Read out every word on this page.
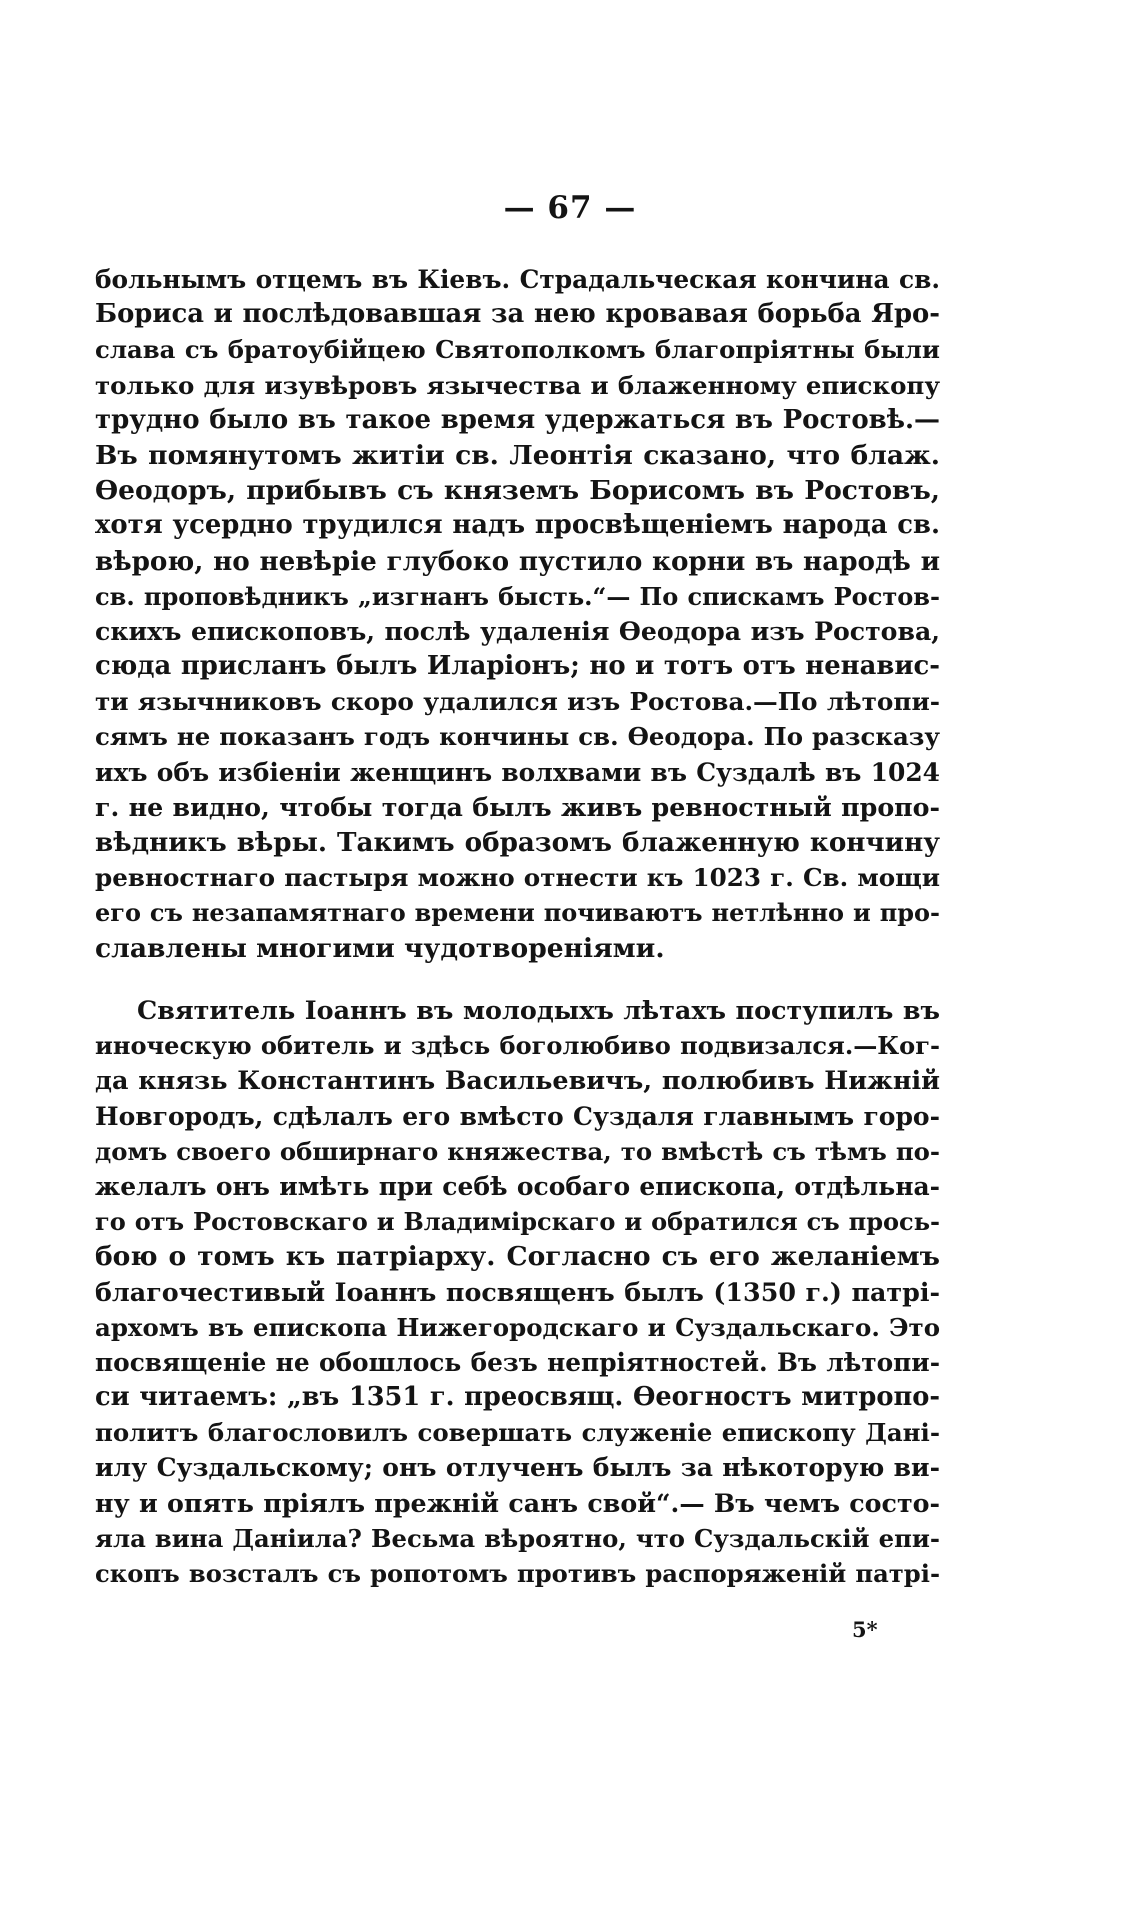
— 67 —
больнымъ отцемъ въ Кіевъ. Страдальческая кончина св.
Бориса и послѣдовавшая за нею кровавая борьба Яро-
слава съ братоубійцею Святополкомъ благопріятны были
только для изувѣровъ язычества и блаженному епископу
трудно было въ такое время удержаться въ Ростовѣ.—
Въ помянутомъ житіи св. Леонтія сказано, что блаж.
Ѳеодоръ, прибывъ съ княземъ Борисомъ въ Ростовъ,
хотя усердно трудился надъ просвѣщеніемъ народа св.
вѣрою, но невѣріе глубоко пустило корни въ народѣ и
св. проповѣдникъ „изгнанъ бысть.“— По спискамъ Ростов-
скихъ епископовъ, послѣ удаленія Ѳеодора изъ Ростова,
сюда присланъ былъ Иларіонъ; но и тотъ отъ ненавис-
ти язычниковъ скоро удалился изъ Ростова.—По лѣтопи-
сямъ не показанъ годъ кончины св. Ѳеодора. По разсказу
ихъ объ избіеніи женщинъ волхвами въ Суздалѣ въ 1024
г. не видно, чтобы тогда былъ живъ ревностный пропо-
вѣдникъ вѣры. Такимъ образомъ блаженную кончину
ревностнаго пастыря можно отнести къ 1023 г. Св. мощи
его съ незапамятнаго времени почиваютъ нетлѣнно и про-
славлены многими чудотвореніями.
Святитель Іоаннъ въ молодыхъ лѣтахъ поступилъ въ
иноческую обитель и здѣсь боголюбиво подвизался.—Ког-
да князь Константинъ Васильевичъ, полюбивъ Нижній
Новгородъ, сдѣлалъ его вмѣсто Суздаля главнымъ горо-
домъ своего обширнаго княжества, то вмѣстѣ съ тѣмъ по-
желалъ онъ имѣть при себѣ особаго епископа, отдѣльна-
го отъ Ростовскаго и Владимірскаго и обратился съ прось-
бою о томъ къ патріарху. Согласно съ его желаніемъ
благочестивый Іоаннъ посвященъ былъ (1350 г.) патрі-
архомъ въ епископа Нижегородскаго и Суздальскаго. Это
посвященіе не обошлось безъ непріятностей. Въ лѣтопи-
си читаемъ: „въ 1351 г. преосвящ. Ѳеогностъ митропо-
политъ благословилъ совершать служеніе епископу Дані-
илу Суздальскому; онъ отлученъ былъ за нѣкоторую ви-
ну и опять пріялъ прежній санъ свой“.— Въ чемъ состо-
яла вина Даніила? Весьма вѣроятно, что Суздальскій епи-
скопъ возсталъ съ ропотомъ противъ распоряженій патрі-
5*
